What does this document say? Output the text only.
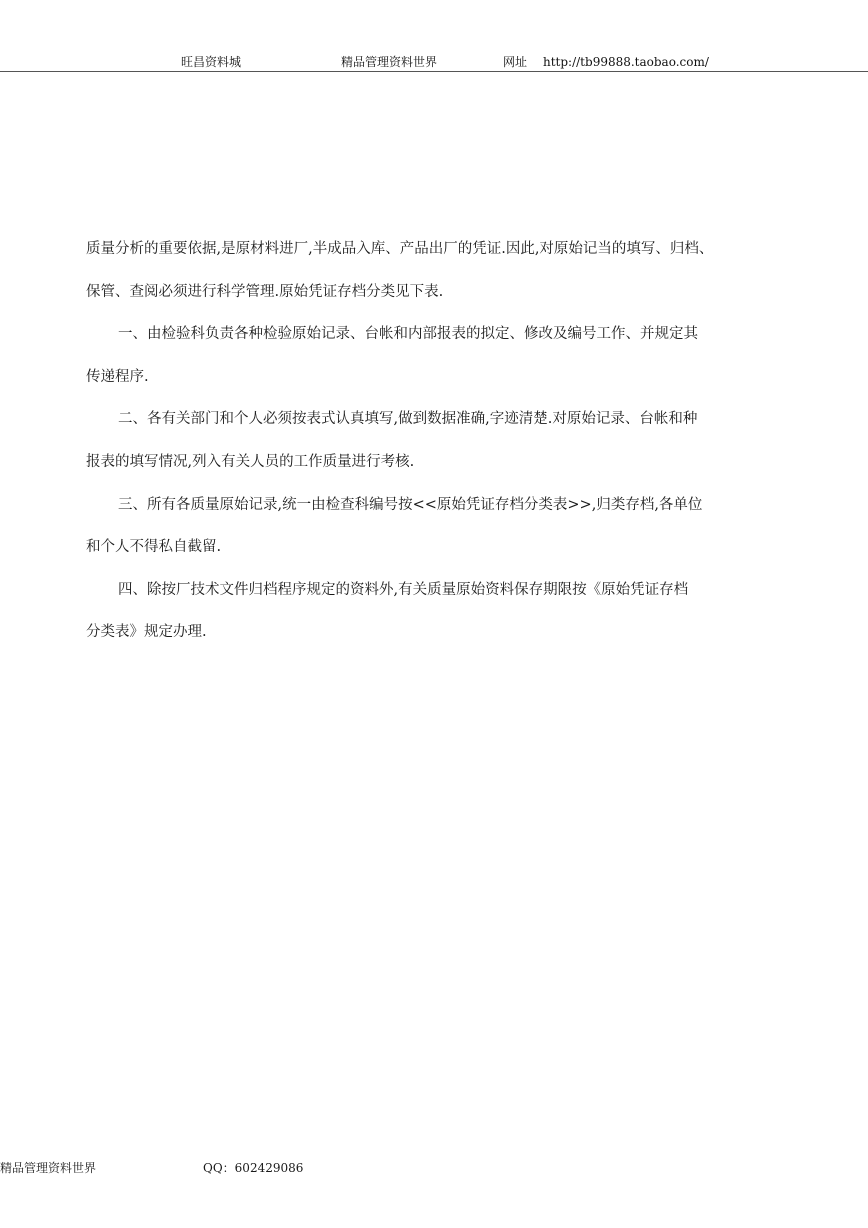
旺昌资料城	精品管理资料世界	网址 http://tb99888.taobao.com/
质量分析的重要依据,是原材料进厂,半成品入库、产品出厂的凭证.因此,对原始记当的填写、归档、
保管、查阅必须进行科学管理.原始凭证存档分类见下表.
一、由检验科负责各种检验原始记录、台帐和内部报表的拟定、修改及编号工作、并规定其
传递程序.
二、各有关部门和个人必须按表式认真填写,做到数据准确,字迹清楚.对原始记录、台帐和种
报表的填写情况,列入有关人员的工作质量进行考核.
三、所有各质量原始记录,统一由检查科编号按<<原始凭证存档分类表>>,归类存档,各单位
和个人不得私自截留.
四、除按厂技术文件归档程序规定的资料外,有关质量原始资料保存期限按《原始凭证存档
分类表》规定办理.
精品管理资料世界	QQ：602429086
